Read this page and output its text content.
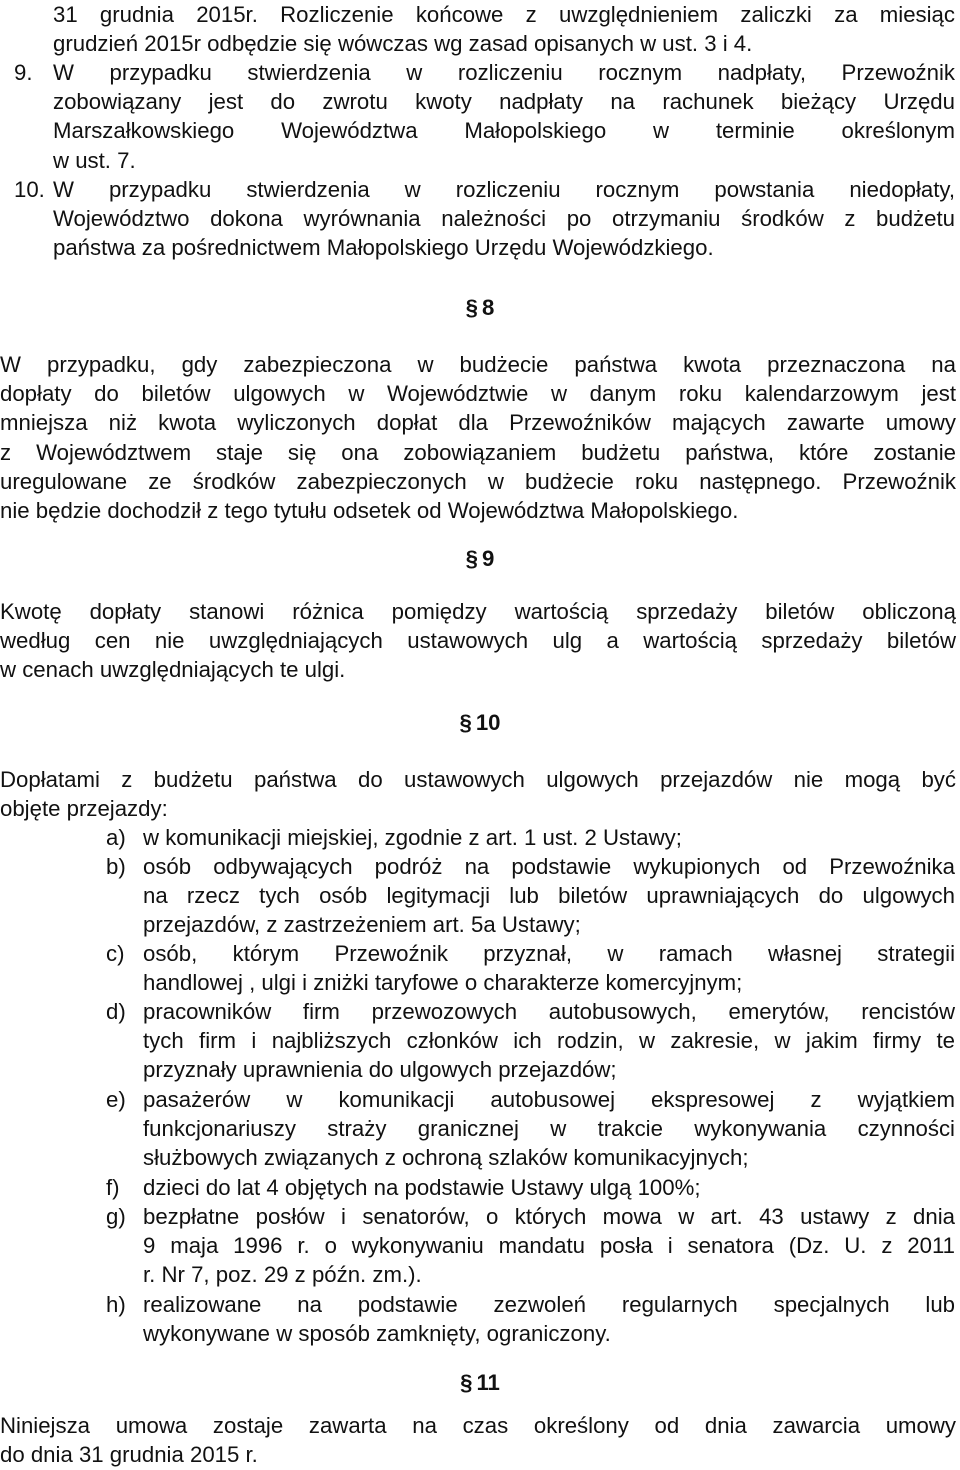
31 grudnia 2015r. Rozliczenie końcowe z uwzględnieniem zaliczki za miesiąc
grudzień 2015r odbędzie się wówczas wg zasad opisanych w ust. 3 i 4.
9. W przypadku stwierdzenia w rozliczeniu rocznym nadpłaty, Przewoźnik
zobowiązany jest do zwrotu kwoty nadpłaty na rachunek bieżący Urzędu
Marszałkowskiego Województwa Małopolskiego w terminie określonym
w ust. 7.
10. W przypadku stwierdzenia w rozliczeniu rocznym powstania niedopłaty,
Województwo dokona wyrównania należności po otrzymaniu środków z budżetu
państwa za pośrednictwem Małopolskiego Urzędu Wojewódzkiego.
§ 8
W przypadku, gdy zabezpieczona w budżecie państwa kwota przeznaczona na
dopłaty do biletów ulgowych w Województwie w danym roku kalendarzowym jest
mniejsza niż kwota wyliczonych dopłat dla Przewoźników mających zawarte umowy
z Województwem staje się ona zobowiązaniem budżetu państwa, które zostanie
uregulowane ze środków zabezpieczonych w budżecie roku następnego. Przewoźnik
nie będzie dochodził z tego tytułu odsetek od Województwa Małopolskiego.
§ 9
Kwotę dopłaty stanowi różnica pomiędzy wartością sprzedaży biletów obliczoną
według cen nie uwzględniających ustawowych ulg a wartością sprzedaży biletów
w cenach uwzględniających te ulgi.
§ 10
Dopłatami z budżetu państwa do ustawowych ulgowych przejazdów nie mogą być
objęte przejazdy:
a) w komunikacji miejskiej, zgodnie z art. 1 ust. 2 Ustawy;
b) osób odbywających podróż na podstawie wykupionych od Przewoźnika
na rzecz tych osób legitymacji lub biletów uprawniających do ulgowych
przejazdów, z zastrzeżeniem art. 5a Ustawy;
c) osób, którym Przewoźnik przyznał, w ramach własnej strategii
handlowej , ulgi i zniżki taryfowe o charakterze komercyjnym;
d) pracowników firm przewozowych autobusowych, emerytów, rencistów
tych firm i najbliższych członków ich rodzin, w zakresie, w jakim firmy te
przyznały uprawnienia do ulgowych przejazdów;
e) pasażerów w komunikacji autobusowej ekspresowej z wyjątkiem
funkcjonariuszy straży granicznej w trakcie wykonywania czynności
służbowych związanych z ochroną szlaków komunikacyjnych;
f) dzieci do lat 4 objętych na podstawie Ustawy ulgą 100%;
g) bezpłatne posłów i senatorów, o których mowa w art. 43 ustawy z dnia
9 maja 1996 r. o wykonywaniu mandatu posła i senatora (Dz. U. z 2011
r. Nr 7, poz. 29 z późn. zm.).
h) realizowane na podstawie zezwoleń regularnych specjalnych lub
wykonywane w sposób zamknięty, ograniczony.
§ 11
Niniejsza umowa zostaje zawarta na czas określony od dnia zawarcia umowy
do dnia 31 grudnia 2015 r.
